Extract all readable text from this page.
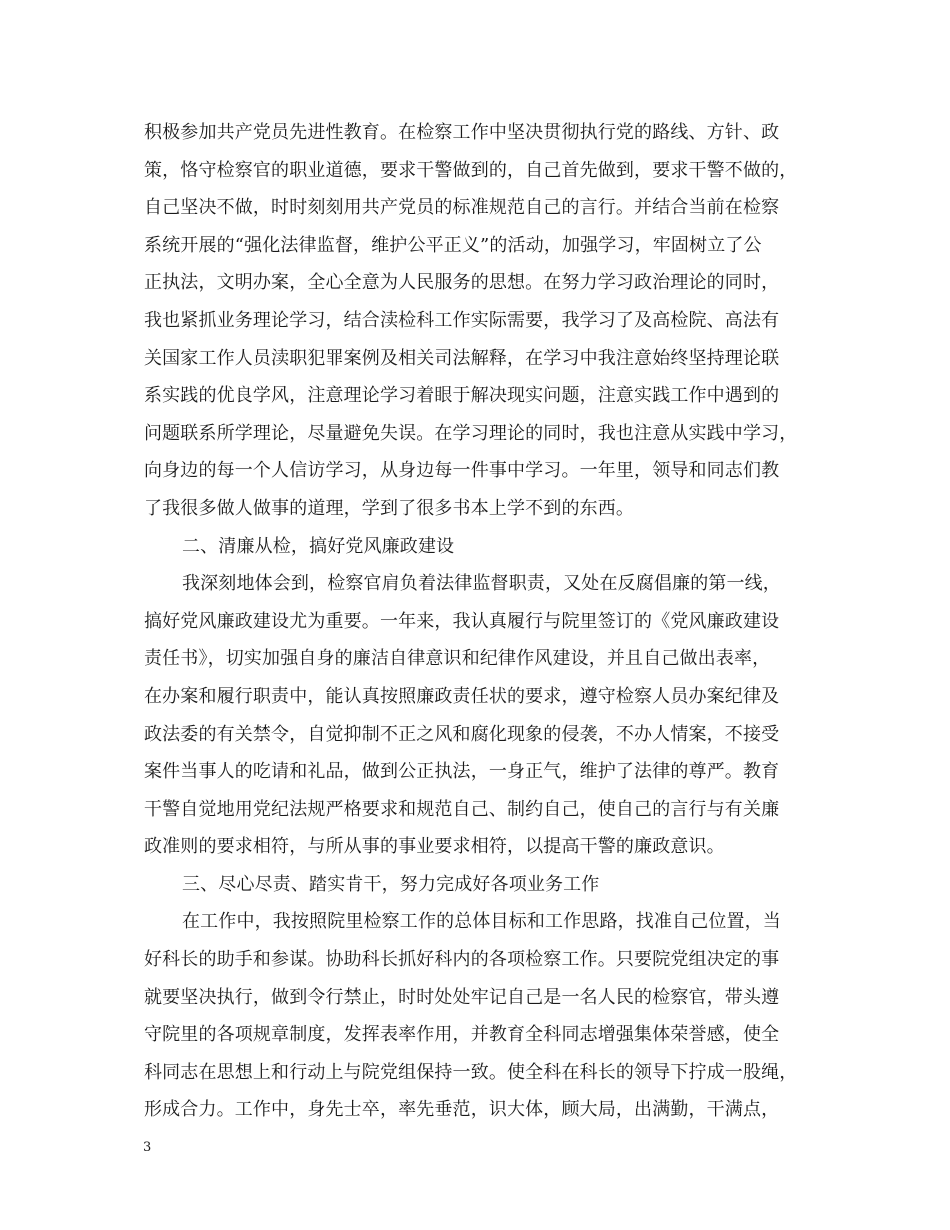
积极参加共产党员先进性教育。在检察工作中坚决贯彻执行党的路线、方针、政
策，恪守检察官的职业道德，要求干警做到的，自己首先做到，要求干警不做的，
自己坚决不做，时时刻刻用共产党员的标准规范自己的言行。并结合当前在检察
系统开展的“强化法律监督，维护公平正义”的活动，加强学习，牢固树立了公
正执法，文明办案，全心全意为人民服务的思想。在努力学习政治理论的同时，
我也紧抓业务理论学习，结合渎检科工作实际需要，我学习了及高检院、高法有
关国家工作人员渎职犯罪案例及相关司法解释，在学习中我注意始终坚持理论联
系实践的优良学风，注意理论学习着眼于解决现实问题，注意实践工作中遇到的
问题联系所学理论，尽量避免失误。在学习理论的同时，我也注意从实践中学习，
向身边的每一个人信访学习，从身边每一件事中学习。一年里，领导和同志们教
了我很多做人做事的道理，学到了很多书本上学不到的东西。
二、清廉从检，搞好党风廉政建设
我深刻地体会到，检察官肩负着法律监督职责，又处在反腐倡廉的第一线，
搞好党风廉政建设尤为重要。一年来，我认真履行与院里签订的《党风廉政建设
责任书》，切实加强自身的廉洁自律意识和纪律作风建设，并且自己做出表率，
在办案和履行职责中，能认真按照廉政责任状的要求，遵守检察人员办案纪律及
政法委的有关禁令，自觉抑制不正之风和腐化现象的侵袭，不办人情案，不接受
案件当事人的吃请和礼品，做到公正执法，一身正气，维护了法律的尊严。教育
干警自觉地用党纪法规严格要求和规范自己、制约自己，使自己的言行与有关廉
政准则的要求相符，与所从事的事业要求相符，以提高干警的廉政意识。
三、尽心尽责、踏实肯干，努力完成好各项业务工作
在工作中，我按照院里检察工作的总体目标和工作思路，找准自己位置，当
好科长的助手和参谋。协助科长抓好科内的各项检察工作。只要院党组决定的事
就要坚决执行，做到令行禁止，时时处处牢记自己是一名人民的检察官，带头遵
守院里的各项规章制度，发挥表率作用，并教育全科同志增强集体荣誉感，使全
科同志在思想上和行动上与院党组保持一致。使全科在科长的领导下拧成一股绳，
形成合力。工作中，身先士卒，率先垂范，识大体，顾大局，出满勤，干满点，
3
